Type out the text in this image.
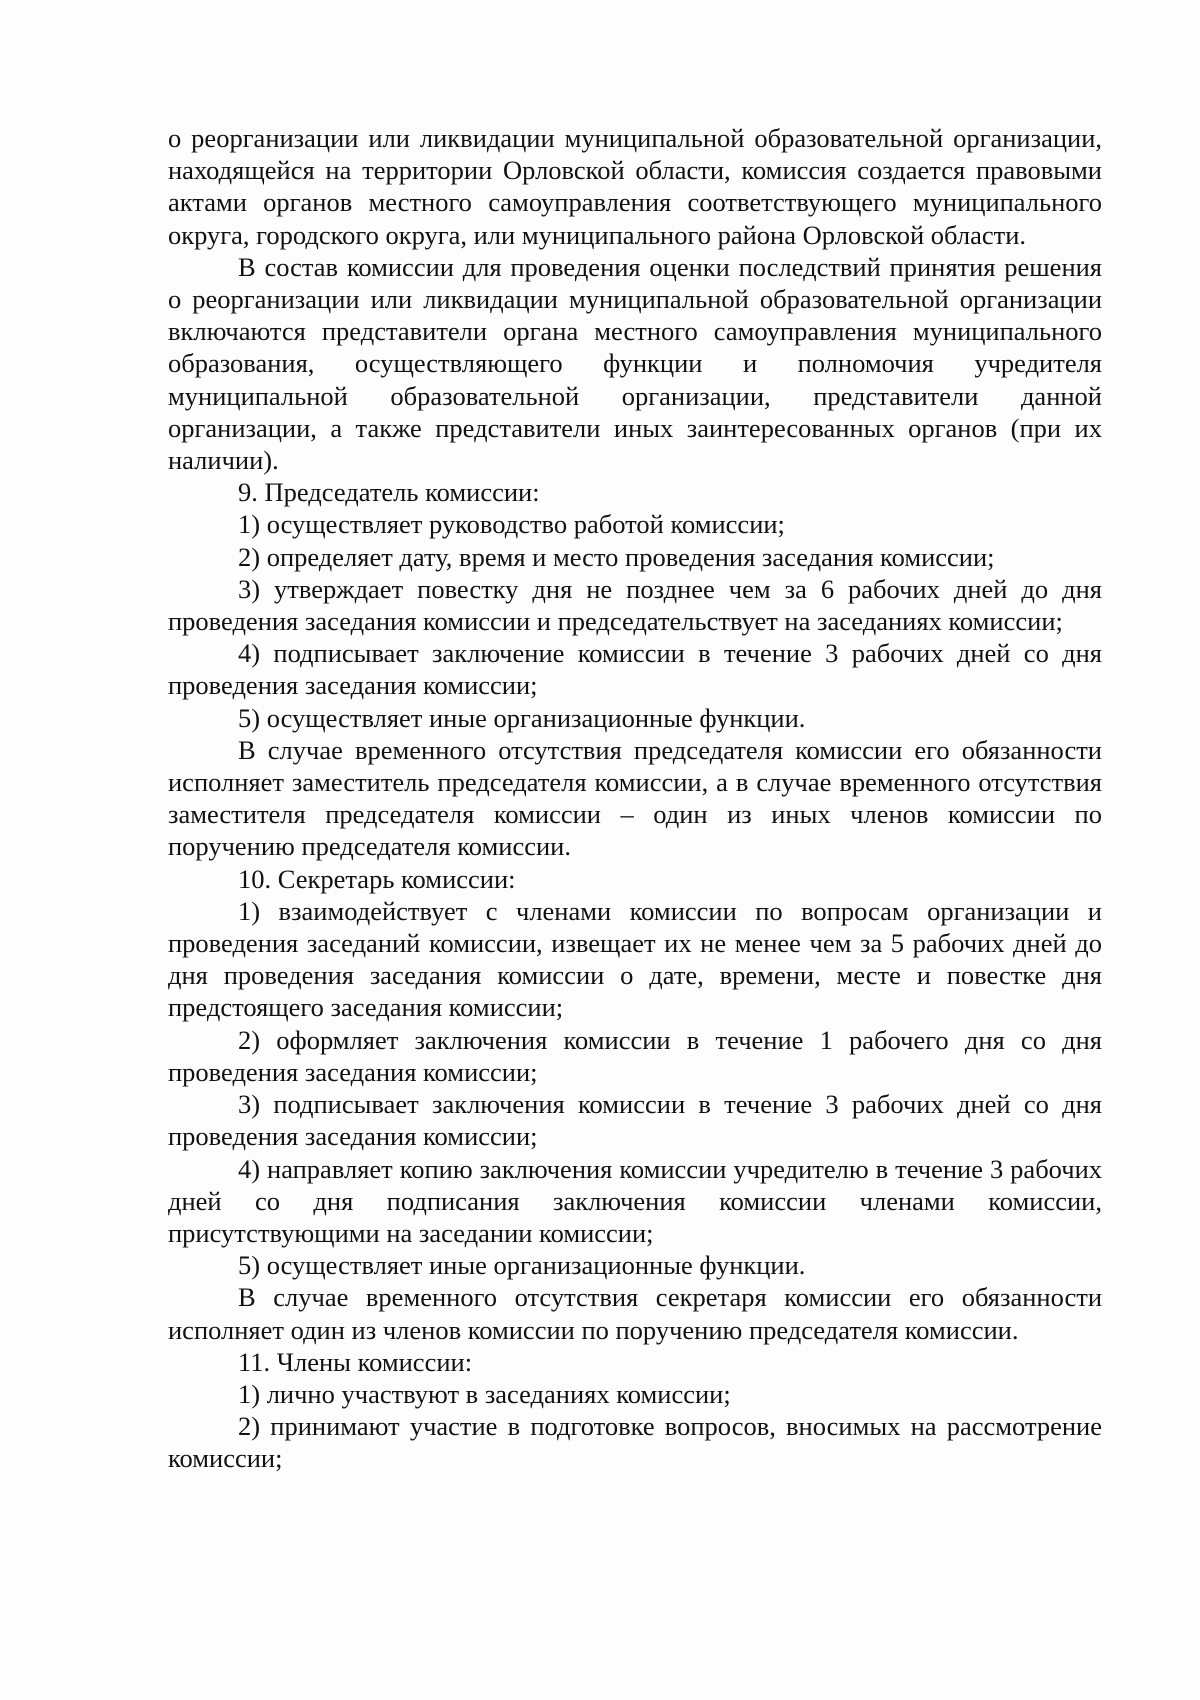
о реорганизации или ликвидации муниципальной образовательной организации, находящейся на территории Орловской области, комиссия создается правовыми актами органов местного самоуправления соответствующего муниципального округа, городского округа, или муниципального района Орловской области.

В состав комиссии для проведения оценки последствий принятия решения о реорганизации или ликвидации муниципальной образовательной организации включаются представители органа местного самоуправления муниципального образования, осуществляющего функции и полномочия учредителя муниципальной образовательной организации, представители данной организации, а также представители иных заинтересованных органов (при их наличии).

9. Председатель комиссии:

1) осуществляет руководство работой комиссии;

2) определяет дату, время и место проведения заседания комиссии;

3) утверждает повестку дня не позднее чем за 6 рабочих дней до дня проведения заседания комиссии и председательствует на заседаниях комиссии;

4) подписывает заключение комиссии в течение 3 рабочих дней со дня проведения заседания комиссии;

5) осуществляет иные организационные функции.

В случае временного отсутствия председателя комиссии его обязанности исполняет заместитель председателя комиссии, а в случае временного отсутствия заместителя председателя комиссии – один из иных членов комиссии по поручению председателя комиссии.

10. Секретарь комиссии:

1) взаимодействует с членами комиссии по вопросам организации и проведения заседаний комиссии, извещает их не менее чем за 5 рабочих дней до дня проведения заседания комиссии о дате, времени, месте и повестке дня предстоящего заседания комиссии;

2) оформляет заключения комиссии в течение 1 рабочего дня со дня проведения заседания комиссии;

3) подписывает заключения комиссии в течение 3 рабочих дней со дня проведения заседания комиссии;

4) направляет копию заключения комиссии учредителю в течение 3 рабочих дней со дня подписания заключения комиссии членами комиссии, присутствующими на заседании комиссии;

5) осуществляет иные организационные функции.

В случае временного отсутствия секретаря комиссии его обязанности исполняет один из членов комиссии по поручению председателя комиссии.

11. Члены комиссии:

1) лично участвуют в заседаниях комиссии;

2) принимают участие в подготовке вопросов, вносимых на рассмотрение комиссии;
